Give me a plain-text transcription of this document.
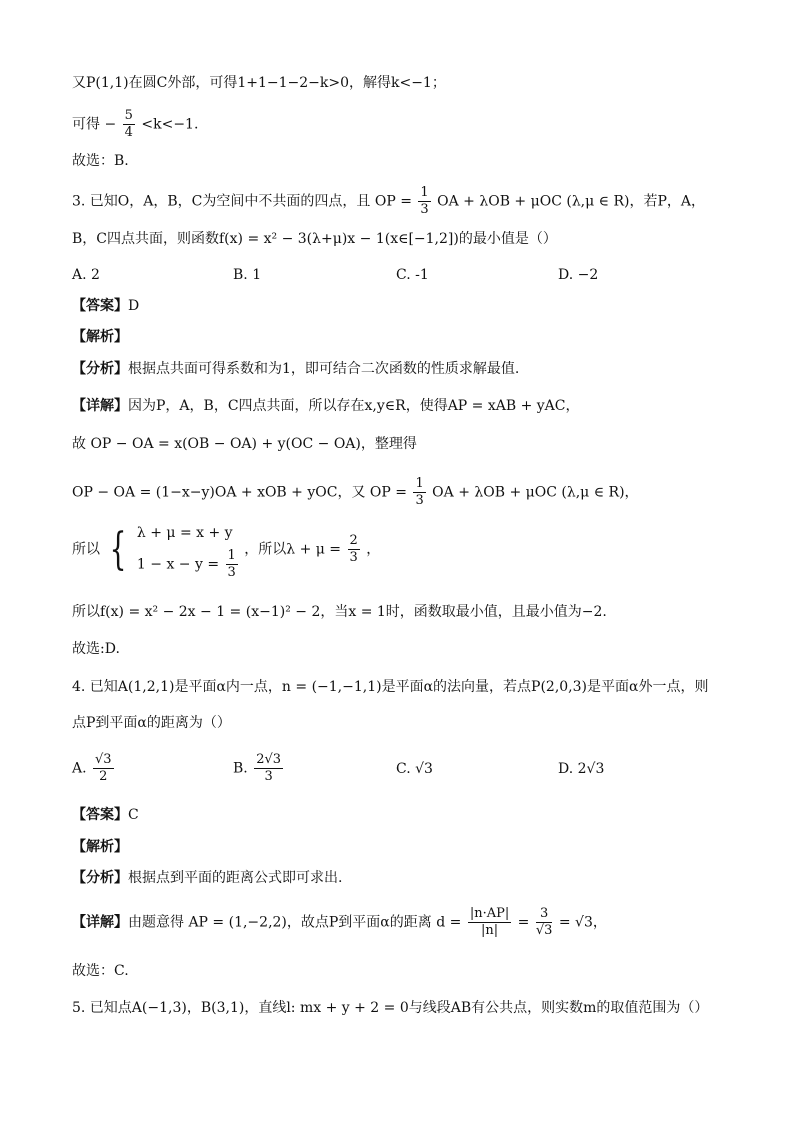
又P(1,1)在圆C外部，可得1+1−1−2−k>0，解得k<−1；
可得 − $\frac{5}{4} <k<-1$.
故选：B.
3. 已知O，A，B，C为空间中不共面的四点，且 OP = $\frac{1}{3}$ OA + λOB + μOC (λ,μ ∈ R)，若P，A，
B，C四点共面，则函数f(x) = x² − 3(λ+μ)x − 1(x∈[−1,2])的最小值是（）
A. 2	B. 1	C. -1	D. −2
【答案】D
【解析】
【分析】根据点共面可得系数和为1，即可结合二次函数的性质求解最值.
【详解】因为P，A，B，C四点共面，所以存在x,y∈R，使得AP = xAB + yAC，
故 OP − OA = x(OB − OA) + y(OC − OA)，整理得
OP − OA = (1−x−y)OA + xOB + yOC，又 OP = $\frac{1}{3}$ OA + λOB + μOC (λ,μ ∈ R)，
所以 { λ + μ = x + y
$1 - x - y = \frac{1}{3}$ ，所以$\lambda + \mu = \frac{2}{3}$ ，
所以f(x) = x² − 2x − 1 = (x−1)² − 2，当x = 1时，函数取最小值，且最小值为−2.
故选:D.
4. 已知A(1,2,1)是平面α内一点，n = (−1,−1,1)是平面α的法向量，若点P(2,0,3)是平面α外一点，则
点P到平面α的距离为（）
A. $\frac{√3}{2}$	B. $\frac{2√3}{3}$	C. √3	D. 2√3
【答案】C
【解析】
【分析】根据点到平面的距离公式即可求出.
【详解】由题意得 AP = (1,−2,2)，故点P到平面α的距离 $d = \frac{|n\cdot AP|}{|n|} = \frac{3}{√3} = √3$，
故选：C.
5. 已知点A(−1,3)，B(3,1)，直线l: mx + y + 2 = 0与线段AB有公共点，则实数m的取值范围为（）
